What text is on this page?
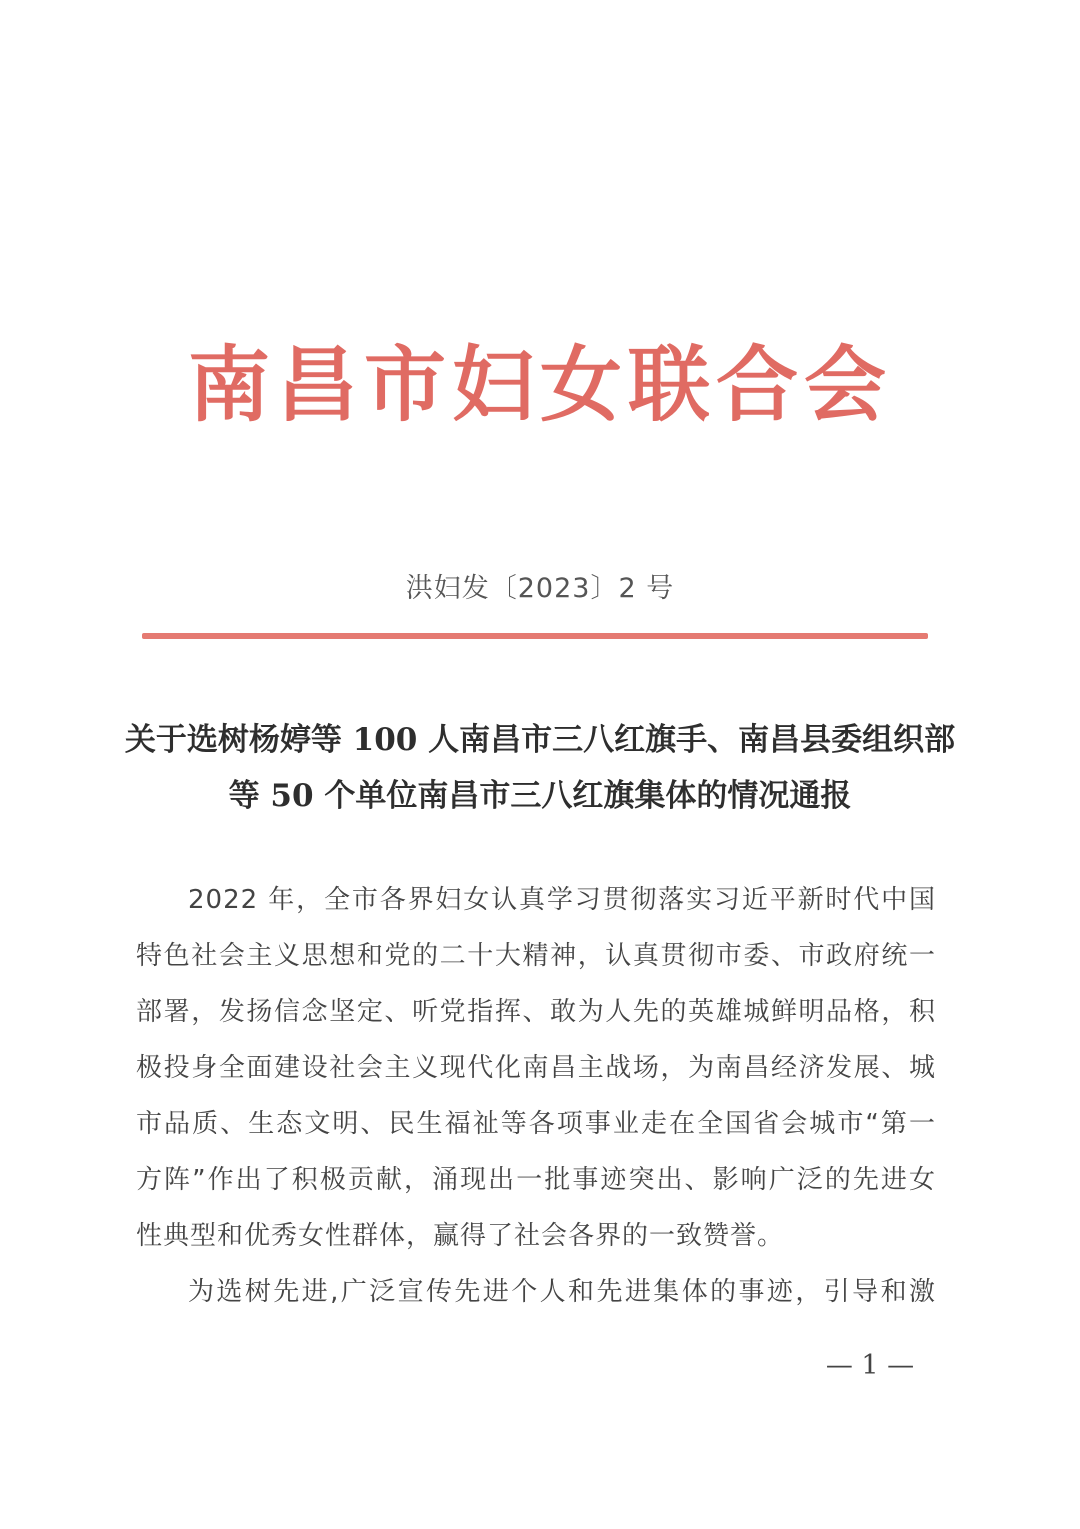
南昌市妇女联合会
洪妇发〔2023〕2 号
关于选树杨婷等 100 人南昌市三八红旗手、南昌县委组织部
等 50 个单位南昌市三八红旗集体的情况通报
2022 年，全市各界妇女认真学习贯彻落实习近平新时代中国
特色社会主义思想和党的二十大精神，认真贯彻市委、市政府统一
部署，发扬信念坚定、听党指挥、敢为人先的英雄城鲜明品格，积
极投身全面建设社会主义现代化南昌主战场，为南昌经济发展、城
市品质、生态文明、民生福祉等各项事业走在全国省会城市“第一
方阵”作出了积极贡献，涌现出一批事迹突出、影响广泛的先进女
性典型和优秀女性群体，赢得了社会各界的一致赞誉。
为选树先进,广泛宣传先进个人和先进集体的事迹，引导和激
— 1 —
